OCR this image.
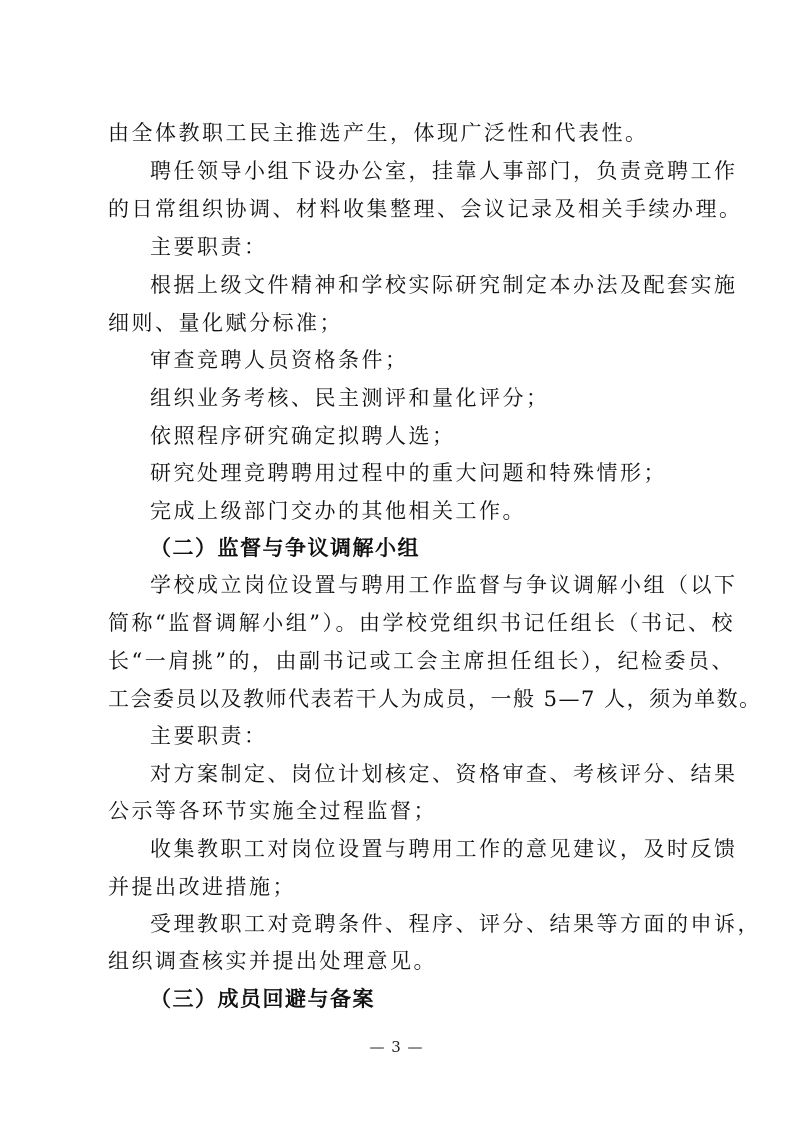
由全体教职工民主推选产生，体现广泛性和代表性。
聘任领导小组下设办公室，挂靠人事部门，负责竞聘工作
的日常组织协调、材料收集整理、会议记录及相关手续办理。
主要职责：
根据上级文件精神和学校实际研究制定本办法及配套实施
细则、量化赋分标准；
审查竞聘人员资格条件；
组织业务考核、民主测评和量化评分；
依照程序研究确定拟聘人选；
研究处理竞聘聘用过程中的重大问题和特殊情形；
完成上级部门交办的其他相关工作。
（二）监督与争议调解小组
学校成立岗位设置与聘用工作监督与争议调解小组（以下
简称“监督调解小组”）。由学校党组织书记任组长（书记、校
长“一肩挑”的，由副书记或工会主席担任组长），纪检委员、
工会委员以及教师代表若干人为成员，一般 5—7 人，须为单数。
主要职责：
对方案制定、岗位计划核定、资格审查、考核评分、结果
公示等各环节实施全过程监督；
收集教职工对岗位设置与聘用工作的意见建议，及时反馈
并提出改进措施；
受理教职工对竞聘条件、程序、评分、结果等方面的申诉，
组织调查核实并提出处理意见。
（三）成员回避与备案
— 3 —
